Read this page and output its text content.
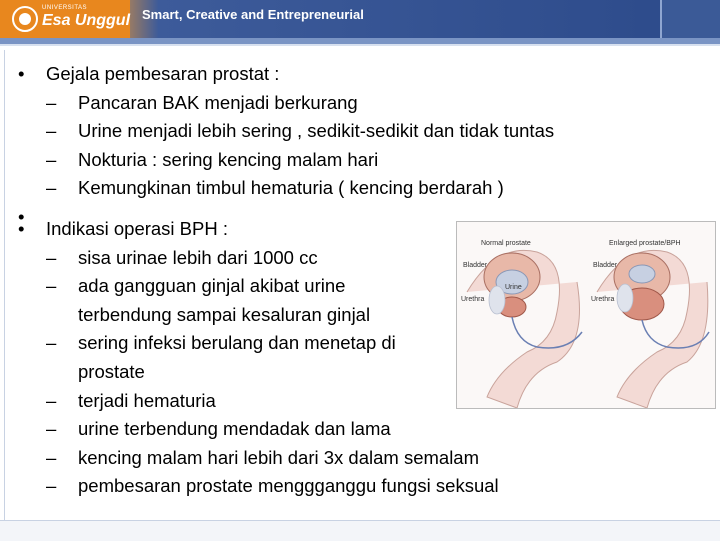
UNIVERSITAS
Esa Unggul Smart, Creative and Entrepreneurial
• Gejala pembesaran prostat :
– Pancaran BAK menjadi berkurang
– Urine menjadi lebih sering , sedikit-sedikit dan tidak tuntas
– Nokturia : sering kencing malam hari
– Kemungkinan timbul hematuria ( kencing berdarah )
•
• Indikasi operasi BPH :
– sisa urinae lebih dari 1000 cc
– ada gangguan ginjal akibat urine terbendung sampai kesaluran ginjal
– sering infeksi berulang dan menetap di prostate
– terjadi hematuria
– urine terbendung mendadak dan lama
– kencing malam hari lebih dari 3x dalam semalam
– pembesaran prostate menggganggu fungsi seksual
Normal prostate	Enlarged prostate/BPH
Bladder	Bladder
Urine
Urethra	Urethra
